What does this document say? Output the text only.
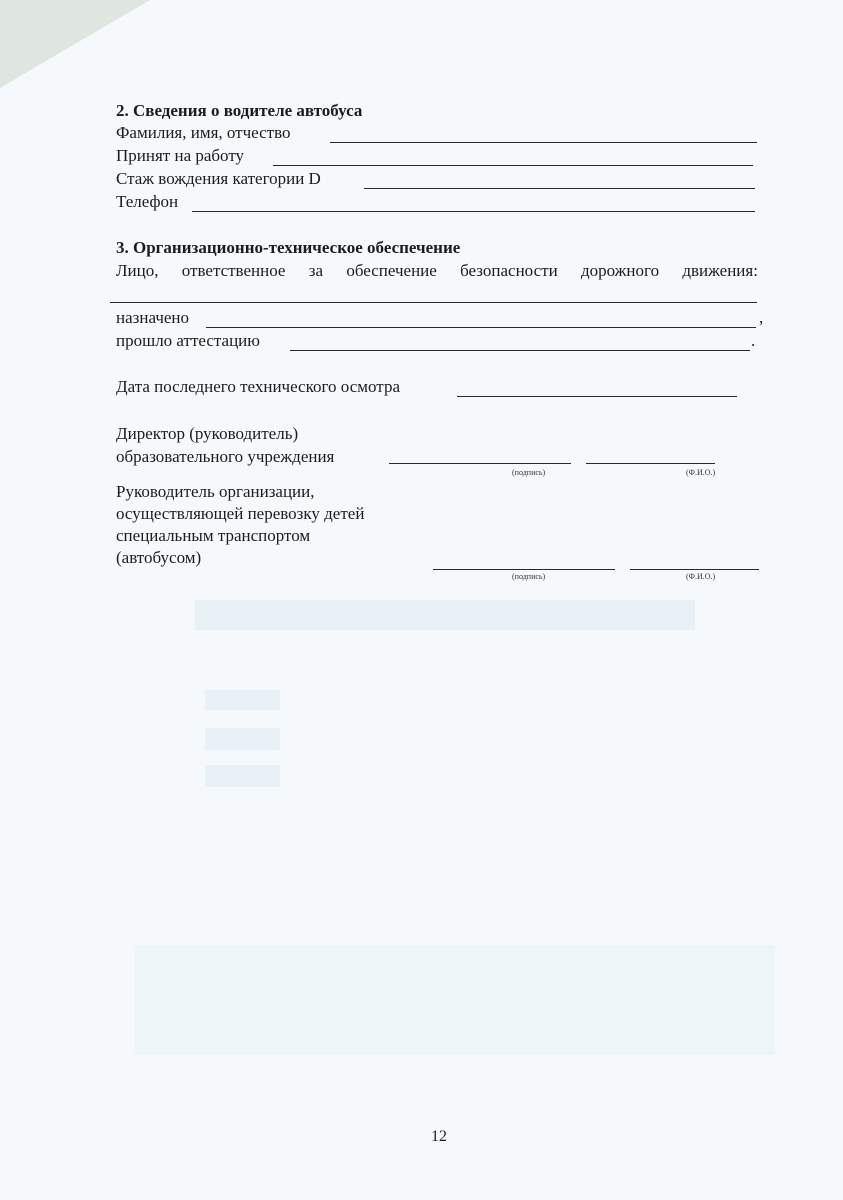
2. Сведения о водителе автобуса
Фамилия, имя, отчество
Принят на работу
Стаж вождения категории D
Телефон
3. Организационно-техническое обеспечение
Лицо, ответственное за обеспечение безопасности дорожного движения:
назначено	,
прошло аттестацию	.
Дата последнего технического осмотра
Директор (руководитель)
образовательного учреждения
(подпись)	(Ф.И.О.)
Руководитель организации,
осуществляющей перевозку детей
специальным транспортом
(автобусом)
(подпись)	(Ф.И.О.)
12
